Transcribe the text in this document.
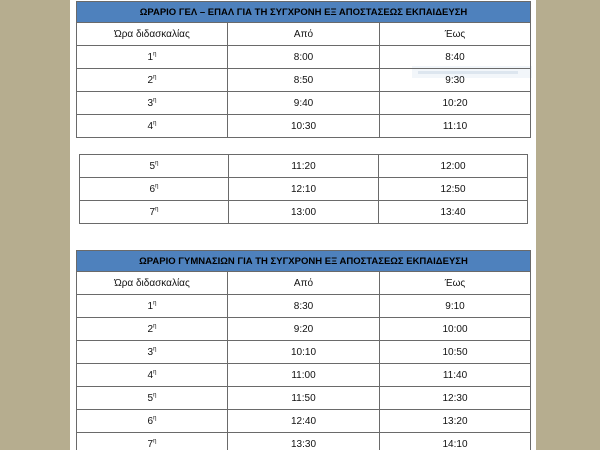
ΩΡΑΡΙΟ ΓΕΛ – ΕΠΑΛ ΓΙΑ ΤΗ ΣΥΓΧΡΟΝΗ ΕΞ ΑΠΟΣΤΑΣΕΩΣ ΕΚΠΑΙΔΕΥΣΗ		
Ώρα διδασκαλίας	Από	Έως
$1^\eta$	8:00	8:40
$2^\eta$	8:50	9:30
$3^\eta$	9:40	10:20
$4^\eta$	10:30	11:10
$5^\eta$	11:20	12:00
$6^\eta$	12:10	12:50
$7^\eta$	13:00	13:40
ΩΡΑΡΙΟ ΓΥΜΝΑΣΙΩΝ ΓΙΑ ΤΗ ΣΥΓΧΡΟΝΗ ΕΞ ΑΠΟΣΤΑΣΕΩΣ ΕΚΠΑΙΔΕΥΣΗ		
Ώρα διδασκαλίας	Από	Έως
$1^\eta$	8:30	9:10
$2^\eta$	9:20	10:00
$3^\eta$	10:10	10:50
$4^\eta$	11:00	11:40
$5^\eta$	11:50	12:30
$6^\eta$	12:40	13:20
$7^\eta$	13:30	14:10
